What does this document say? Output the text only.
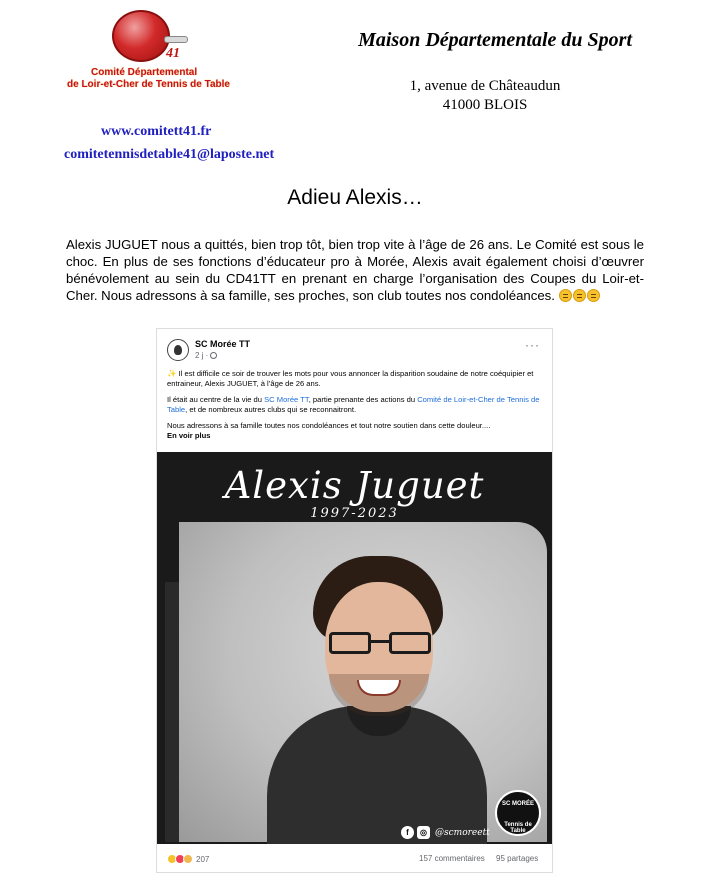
41
Comité Départemental
de Loir-et-Cher de Tennis de Table
Maison Départementale du Sport
1, avenue de Châteaudun
41000 BLOIS
www.comitett41.fr
comitetennisdetable41@laposte.net
Adieu Alexis…
Alexis JUGUET nous a quittés, bien trop tôt, bien trop vite à l’âge de 26 ans. Le Comité est sous le choc. En plus de ses fonctions d’éducateur pro à Morée, Alexis avait également choisi d’œuvrer bénévolement au sein du CD41TT en prenant en charge l’organisation des Coupes du Loir-et-Cher. Nous adressons à sa famille, ses proches, son club toutes nos condoléances.
SC Morée TT
2 j ·
···

✨ Il est difficile ce soir de trouver les mots pour vous annoncer la disparition soudaine de notre coéquipier et entraineur, Alexis JUGUET, à l’âge de 26 ans.

Il était au centre de la vie du SC Morée TT, partie prenante des actions du Comité de Loir-et-Cher de Tennis de Table, et de nombreux autres clubs qui se reconnaitront.

Nous adressons à sa famille toutes nos condoléances et tout notre soutien dans cette douleur....
En voir plus

Alexis Juguet
1997-2023
f	◎ @scmoreett
SC MORÉE
Tennis de Table
207	157 commentaires 95 partages
